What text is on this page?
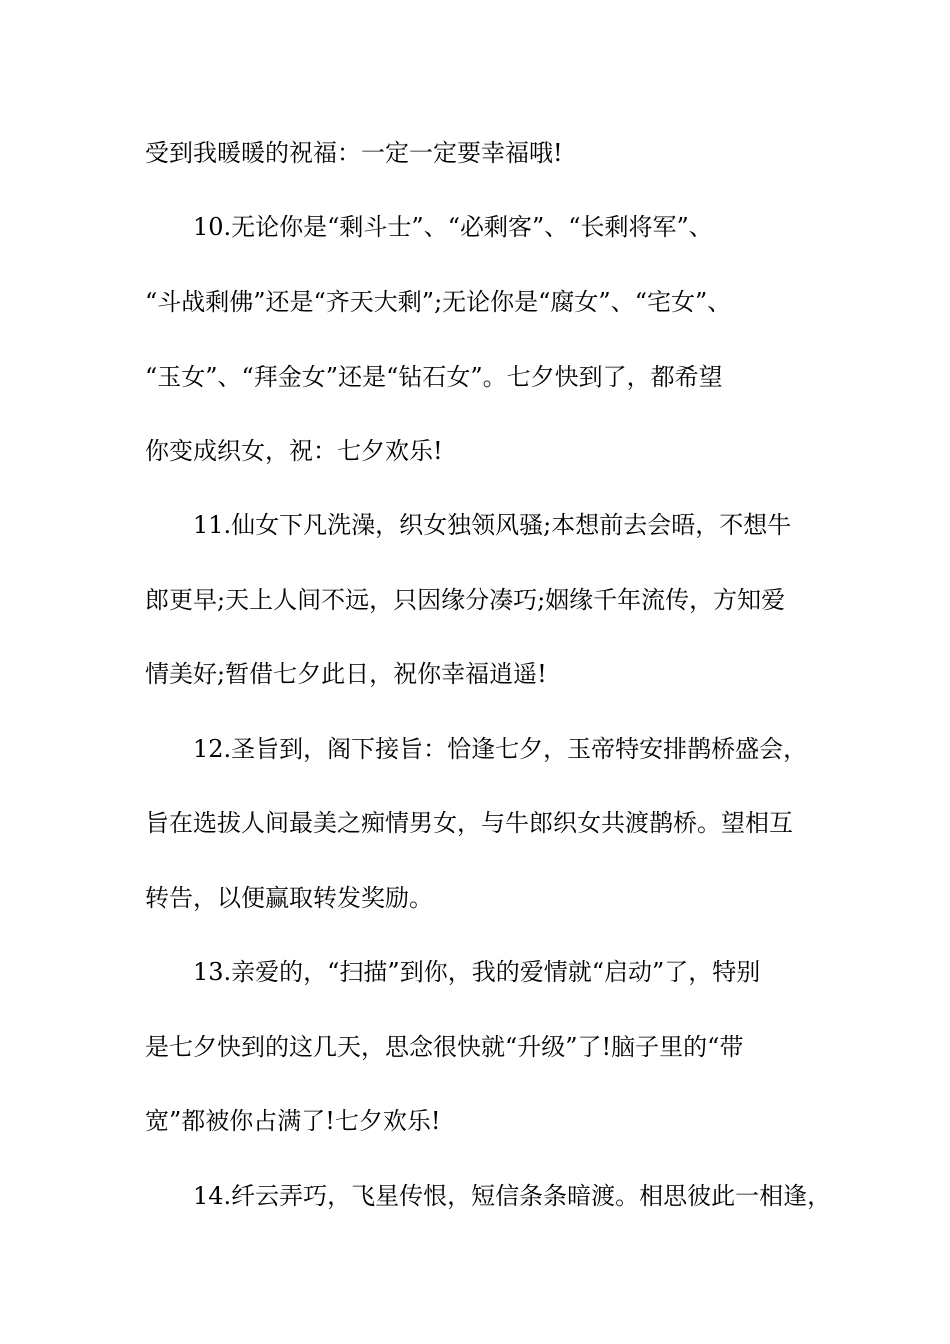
受到我暖暖的祝福：一定一定要幸福哦!
10.无论你是“剩斗士”、“必剩客”、“长剩将军”、
“斗战剩佛”还是“齐天大剩”;无论你是“腐女”、“宅女”、
“玉女”、“拜金女”还是“钻石女”。七夕快到了，都希望
你变成织女，祝：七夕欢乐!
11.仙女下凡洗澡，织女独领风骚;本想前去会晤，不想牛
郎更早;天上人间不远，只因缘分凑巧;姻缘千年流传，方知爱
情美好;暂借七夕此日，祝你幸福逍遥!
12.圣旨到，阁下接旨：恰逢七夕，玉帝特安排鹊桥盛会，
旨在选拔人间最美之痴情男女，与牛郎织女共渡鹊桥。望相互
转告，以便赢取转发奖励。
13.亲爱的，“扫描”到你，我的爱情就“启动”了，特别
是七夕快到的这几天，思念很快就“升级”了!脑子里的“带
宽”都被你占满了!七夕欢乐!
14.纤云弄巧，飞星传恨，短信条条暗渡。相思彼此一相逢，
